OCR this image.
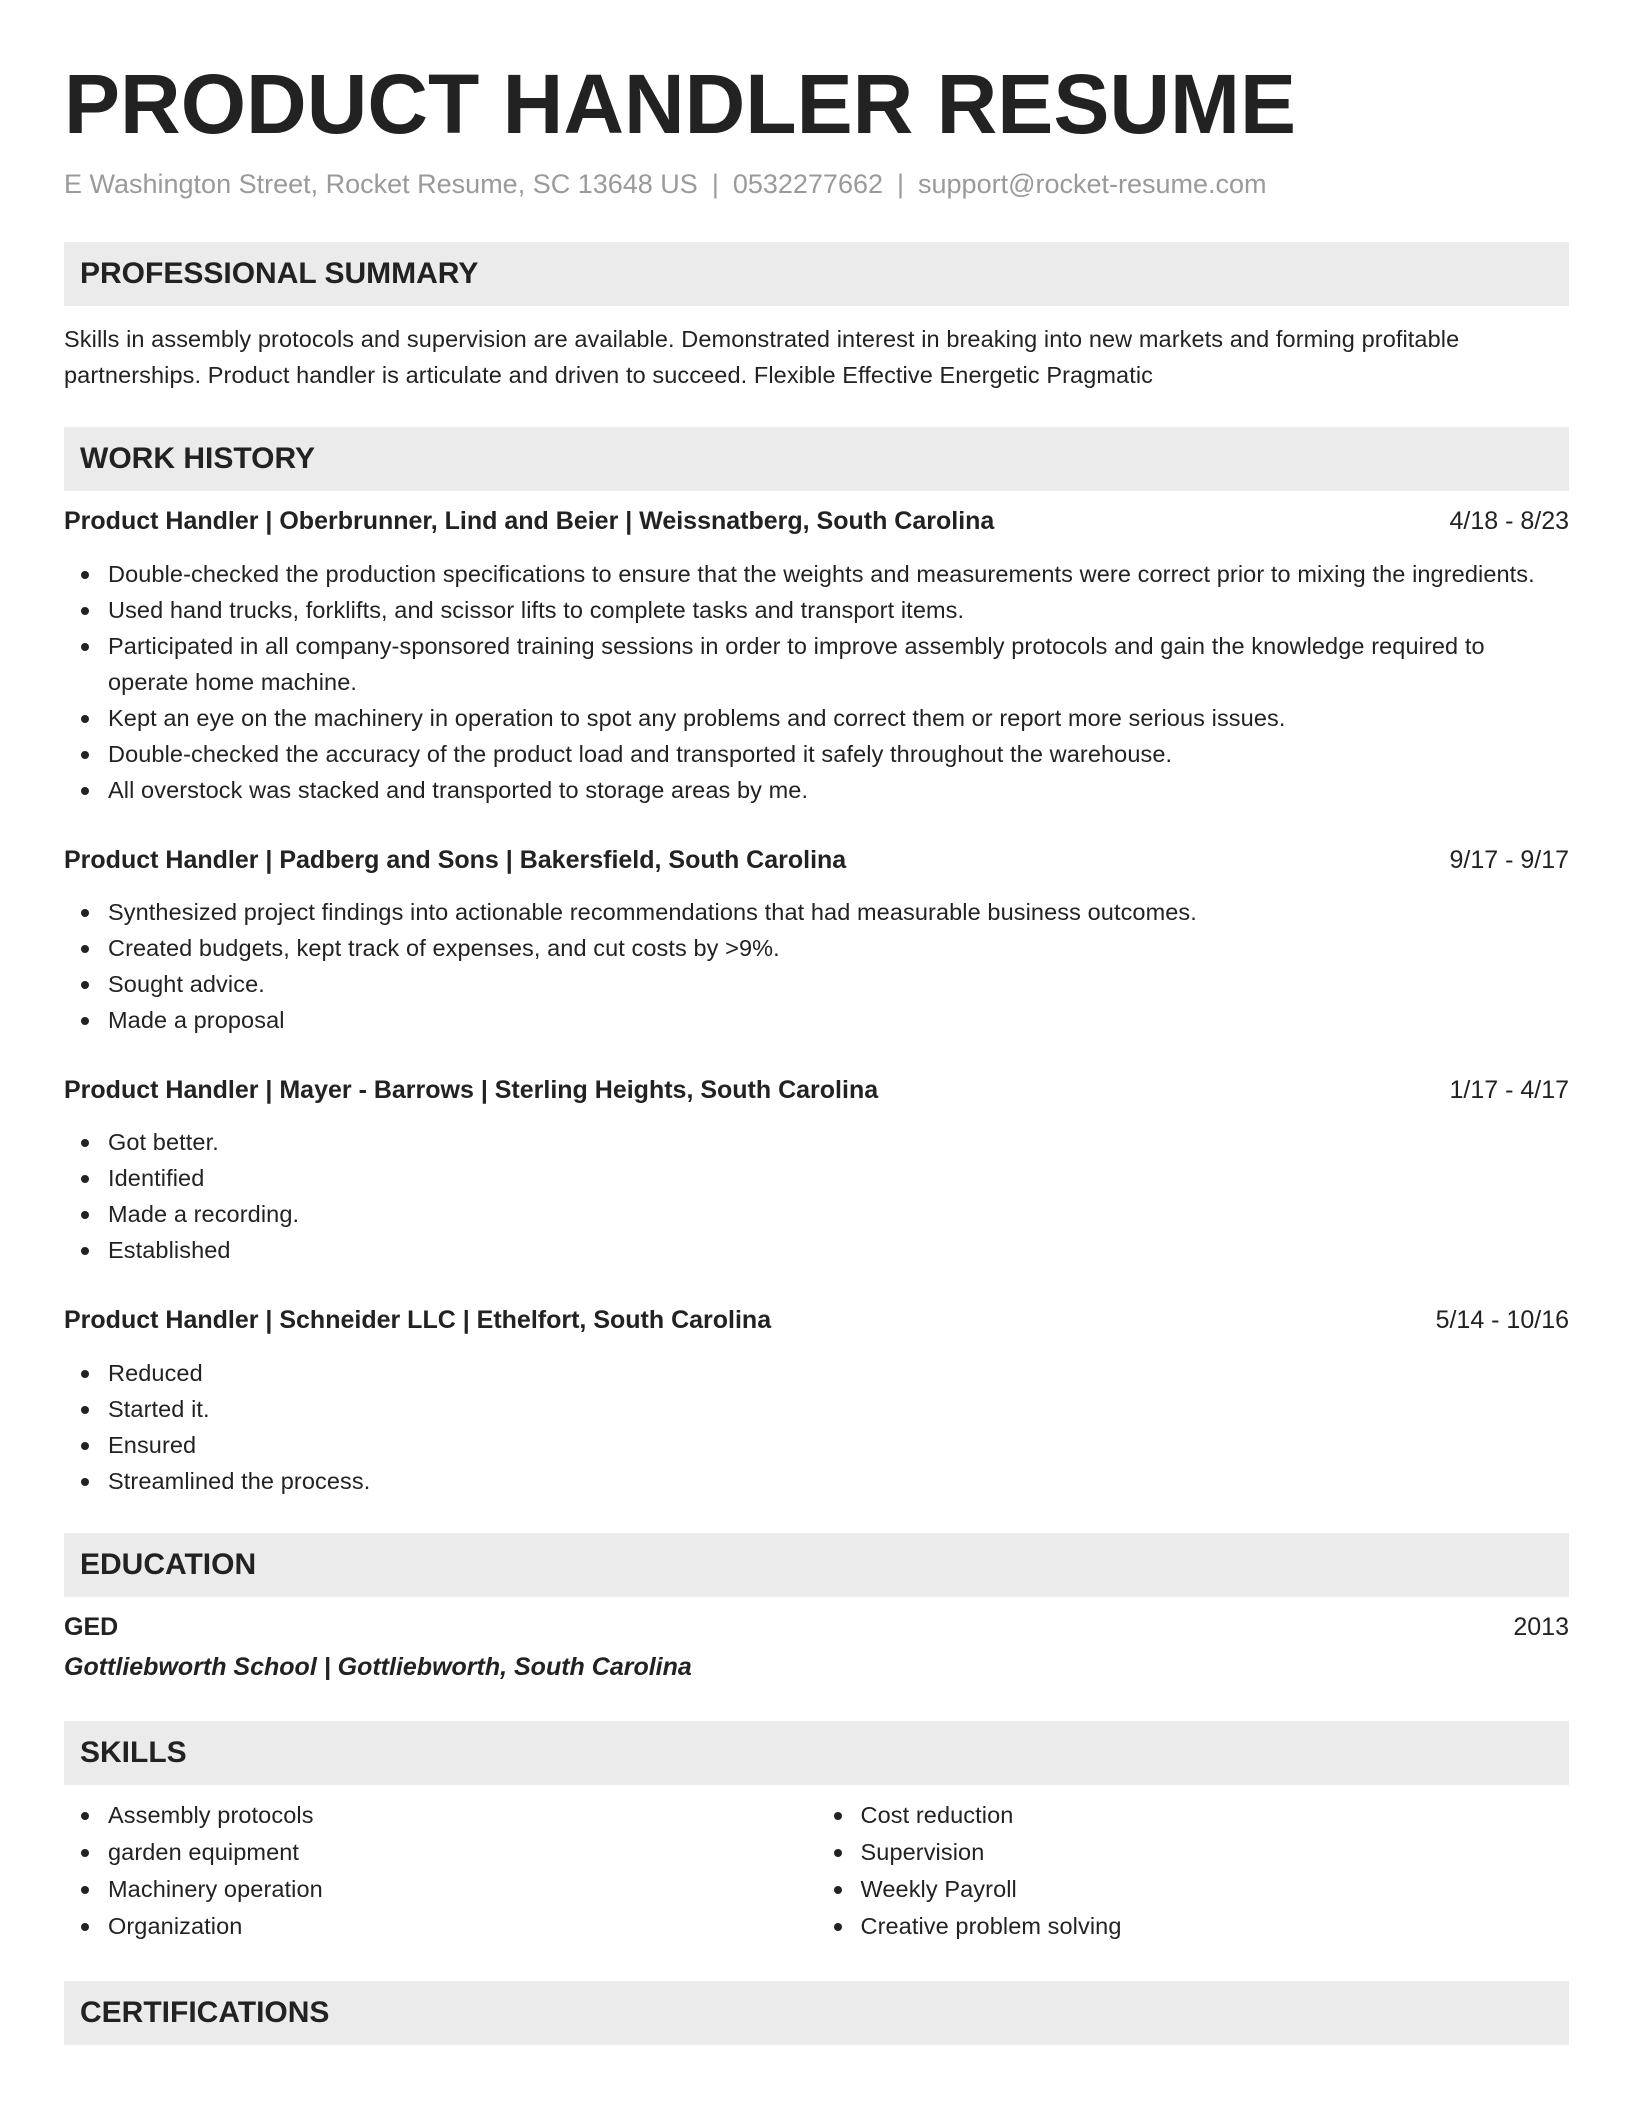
PRODUCT HANDLER RESUME
E Washington Street, Rocket Resume, SC 13648 US | 0532277662 | support@rocket-resume.com
PROFESSIONAL SUMMARY
Skills in assembly protocols and supervision are available. Demonstrated interest in breaking into new markets and forming profitable partnerships. Product handler is articulate and driven to succeed. Flexible Effective Energetic Pragmatic
WORK HISTORY
Product Handler | Oberbrunner, Lind and Beier | Weissnatberg, South Carolina	4/18 - 8/23
Double-checked the production specifications to ensure that the weights and measurements were correct prior to mixing the ingredients.
Used hand trucks, forklifts, and scissor lifts to complete tasks and transport items.
Participated in all company-sponsored training sessions in order to improve assembly protocols and gain the knowledge required to operate home machine.
Kept an eye on the machinery in operation to spot any problems and correct them or report more serious issues.
Double-checked the accuracy of the product load and transported it safely throughout the warehouse.
All overstock was stacked and transported to storage areas by me.
Product Handler | Padberg and Sons | Bakersfield, South Carolina	9/17 - 9/17
Synthesized project findings into actionable recommendations that had measurable business outcomes.
Created budgets, kept track of expenses, and cut costs by >9%.
Sought advice.
Made a proposal
Product Handler | Mayer - Barrows | Sterling Heights, South Carolina	1/17 - 4/17
Got better.
Identified
Made a recording.
Established
Product Handler | Schneider LLC | Ethelfort, South Carolina	5/14 - 10/16
Reduced
Started it.
Ensured
Streamlined the process.
EDUCATION
GED	2013
Gottliebworth School | Gottliebworth, South Carolina
SKILLS
Assembly protocols
garden equipment
Machinery operation
Organization
Cost reduction
Supervision
Weekly Payroll
Creative problem solving
CERTIFICATIONS
